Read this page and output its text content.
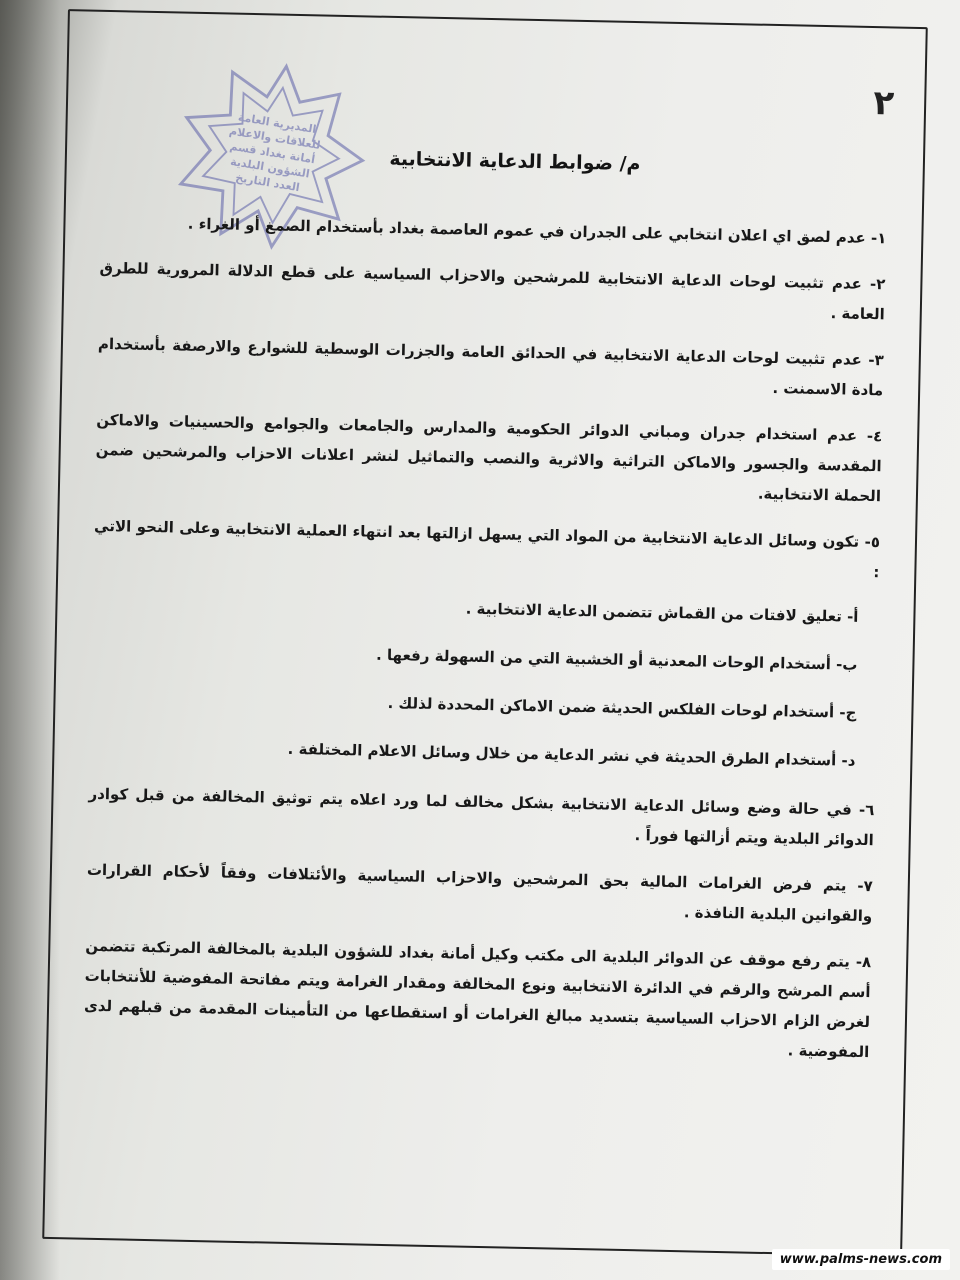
٢
المديرية العامة للعلاقات والاعلام أمانة بغداد قسم الشؤون البلدية العدد التاريخ
م/ ضوابط الدعاية الانتخابية

١- عدم لصق اي اعلان انتخابي على الجدران في عموم العاصمة بغداد بأستخدام الصمغ أو الغراء .

٢- عدم تثبيت لوحات الدعاية الانتخابية للمرشحين والاحزاب السياسية على قطع الدلالة المرورية للطرق العامة .

٣- عدم تثبيت لوحات الدعاية الانتخابية في الحدائق العامة والجزرات الوسطية للشوارع والارصفة بأستخدام مادة الاسمنت .

٤- عدم استخدام جدران ومباني الدوائر الحكومية والمدارس والجامعات والجوامع والحسينيات والاماكن المقدسة والجسور والاماكن التراثية والاثرية والنصب والتماثيل لنشر اعلانات الاحزاب والمرشحين ضمن الحملة الانتخابية.

٥- تكون وسائل الدعاية الانتخابية من المواد التي يسهل ازالتها بعد انتهاء العملية الانتخابية وعلى النحو الاتي :

أ- تعليق لافتات من القماش تتضمن الدعاية الانتخابية .

ب- أستخدام الوحات المعدنية أو الخشبية التي من السهولة رفعها .

ج- أستخدام لوحات الفلكس الحديثة ضمن الاماكن المحددة لذلك .

د- أستخدام الطرق الحديثة في نشر الدعاية من خلال وسائل الاعلام المختلفة .

٦- في حالة وضع وسائل الدعاية الانتخابية بشكل مخالف لما ورد اعلاه يتم توثيق المخالفة من قبل كوادر الدوائر البلدية ويتم أزالتها فوراً .

٧- يتم فرض الغرامات المالية بحق المرشحين والاحزاب السياسية والأئتلافات وفقاً لأحكام القرارات والقوانين البلدية النافذة .

٨- يتم رفع موقف عن الدوائر البلدية الى مكتب وكيل أمانة بغداد للشؤون البلدية بالمخالفة المرتكبة تتضمن أسم المرشح والرقم في الدائرة الانتخابية ونوع المخالفة ومقدار الغرامة ويتم مفاتحة المفوضية للأنتخابات لغرض الزام الاحزاب السياسية بتسديد مبالغ الغرامات أو استقطاعها من التأمينات المقدمة من قبلهم لدى المفوضية .

www.palms-news.com
